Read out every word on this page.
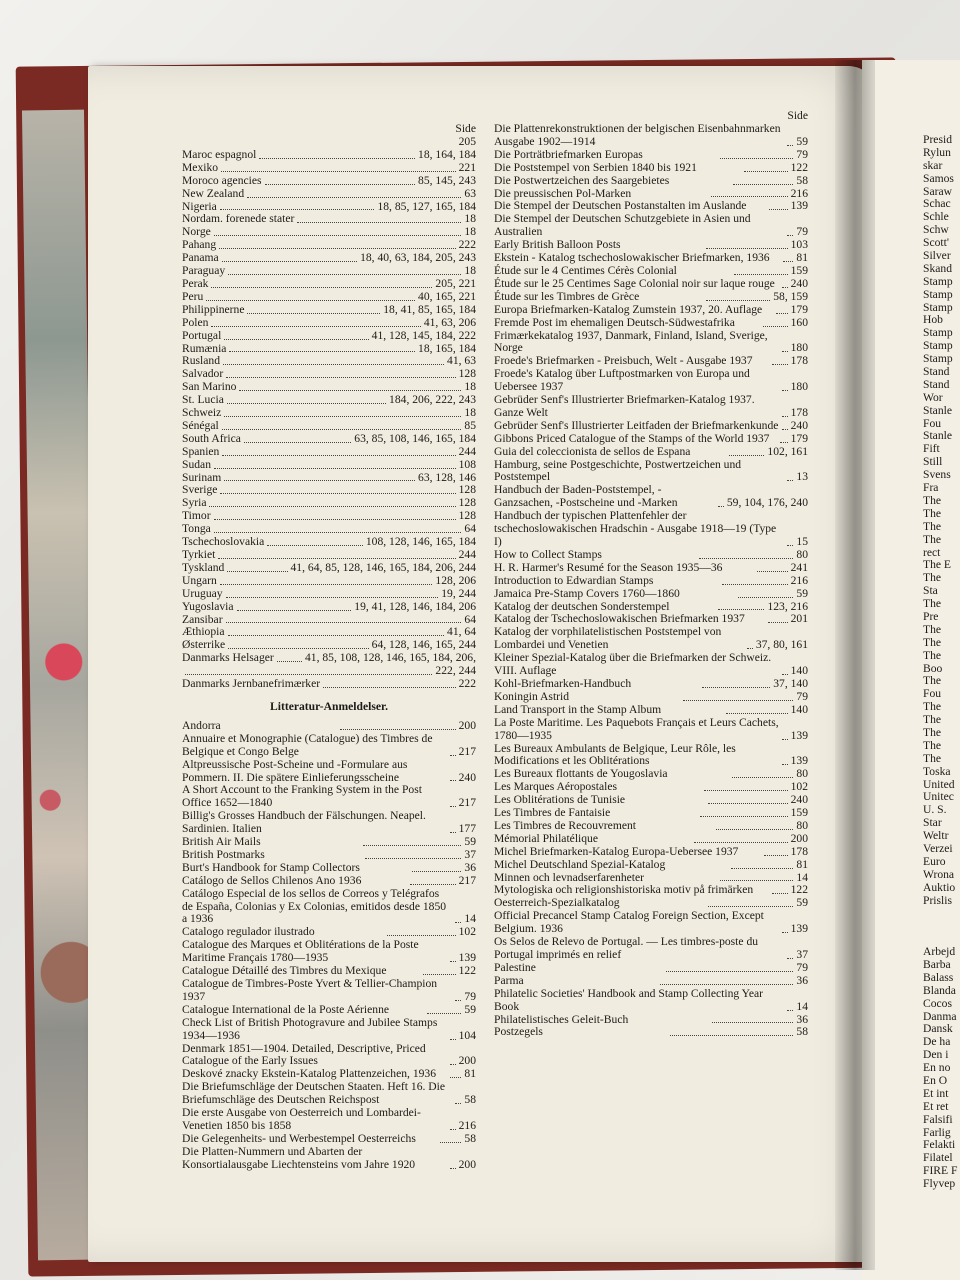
Side
205
Maroc espagnol	18, 164, 184
Mexiko	221
Moroco agencies	85, 145, 243
New Zealand	63
Nigeria	18, 85, 127, 165, 184
Nordam. forenede stater	18
Norge	18
Pahang	222
Panama	18, 40, 63, 184, 205, 243
Paraguay	18
Perak	205, 221
Peru	40, 165, 221
Philippinerne	18, 41, 85, 165, 184
Polen	41, 63, 206
Portugal	41, 128, 145, 184, 222
Rumænia	18, 165, 184
Rusland	41, 63
Salvador	128
San Marino	18
St. Lucia	184, 206, 222, 243
Schweiz	18
Sénégal	85
South Africa	63, 85, 108, 146, 165, 184
Spanien	244
Sudan	108
Surinam	63, 128, 146
Sverige	128
Syria	128
Timor	128
Tonga	64
Tschechoslovakia	108, 128, 146, 165, 184
Tyrkiet	244
Tyskland	41, 64, 85, 128, 146, 165, 184, 206, 244
Ungarn	128, 206
Uruguay	19, 244
Yugoslavia	19, 41, 128, 146, 184, 206
Zansibar	64
Æthiopia	41, 64
Østerrike	64, 128, 146, 165, 244
Danmarks Helsager	41, 85, 108, 128, 146, 165, 184, 206,
222, 244
Danmarks Jernbanefrimærker	222
Litteratur-Anmeldelser.
Andorra	200
Annuaire et Monographie (Catalogue) des Timbres de Belgique et Congo Belge	217
Altpreussische Post-Scheine und -Formulare aus Pommern. II. Die spätere Einlieferungsscheine	240
A Short Account to the Franking System in the Post Office 1652—1840	217
Billig's Grosses Handbuch der Fälschungen. Neapel. Sardinien. Italien	177
British Air Mails	59
British Postmarks	37
Burt's Handbook for Stamp Collectors	36
Catálogo de Sellos Chilenos Ano 1936	217
Catálogo Especial de los sellos de Correos y Telégrafos de España, Colonias y Ex Colonias, emitidos desde 1850 a 1936	14
Catalogo regulador ilustrado	102
Catalogue des Marques et Oblitérations de la Poste Maritime Français 1780—1935	139
Catalogue Détaillé des Timbres du Mexique	122
Catalogue de Timbres-Poste Yvert & Tellier-Champion 1937	79
Catalogue International de la Poste Aérienne	59
Check List of British Photogravure and Jubilee Stamps 1934—1936	104
Denmark 1851—1904. Detailed, Descriptive, Priced Catalogue of the Early Issues	200
Deskové znacky Ekstein-Katalog Plattenzeichen, 1936	81
Die Briefumschläge der Deutschen Staaten. Heft 16. Die Briefumschläge des Deutschen Reichspost	58
Die erste Ausgabe von Oesterreich und Lombardei-Venetien 1850 bis 1858	216
Die Gelegenheits- und Werbestempel Oesterreichs	58
Die Platten-Nummern und Abarten der Konsortialausgabe Liechtensteins vom Jahre 1920	200
Side
Die Plattenrekonstruktionen der belgischen Eisenbahnmarken Ausgabe 1902—1914	59
Die Porträtbriefmarken Europas	79
Die Poststempel von Serbien 1840 bis 1921	122
Die Postwertzeichen des Saargebietes	58
Die preussischen Pol-Marken	216
Die Stempel der Deutschen Postanstalten im Auslande	139
Die Stempel der Deutschen Schutzgebiete in Asien und Australien	79
Early British Balloon Posts	103
Ekstein - Katalog tschechoslowakischer Briefmarken, 1936	81
Étude sur le 4 Centimes Cérès Colonial	159
Étude sur le 25 Centimes Sage Colonial noir sur laque rouge	240
Étude sur les Timbres de Grèce	58, 159
Europa Briefmarken-Katalog Zumstein 1937, 20. Auflage	179
Fremde Post im ehemaligen Deutsch-Südwestafrika	160
Frimærkekatalog 1937, Danmark, Finland, Island, Sverige, Norge	180
Froede's Briefmarken - Preisbuch, Welt - Ausgabe 1937	178
Froede's Katalog über Luftpostmarken von Europa und Uebersee 1937	180
Gebrüder Senf's Illustrierter Briefmarken-Katalog 1937. Ganze Welt	178
Gebrüder Senf's Illustrierter Leitfaden der Briefmarkenkunde 240
Gibbons Priced Catalogue of the Stamps of the World 1937	179
Guia del coleccionista de sellos de Espana	102, 161
Hamburg, seine Postgeschichte, Postwertzeichen und Poststempel	13
Handbuch der Baden-Poststempel, -Ganzsachen, -Postscheine und -Marken	59, 104, 176, 240
Handbuch der typischen Plattenfehler der tschechoslowakischen Hradschin - Ausgabe 1918—19 (Type I)	15
How to Collect Stamps	80
H. R. Harmer's Resumé for the Season 1935—36	241
Introduction to Edwardian Stamps	216
Jamaica Pre-Stamp Covers 1760—1860	59
Katalog der deutschen Sonderstempel	123, 216
Katalog der Tschechoslowakischen Briefmarken 1937	201
Katalog der vorphilatelistischen Poststempel von Lombardei und Venetien	37, 80, 161
Kleiner Spezial-Katalog über die Briefmarken der Schweiz. VIII. Auflage	140
Kohl-Briefmarken-Handbuch	37, 140
Koningin Astrid	79
Land Transport in the Stamp Album	140
La Poste Maritime. Les Paquebots Français et Leurs Cachets, 1780—1935	139
Les Bureaux Ambulants de Belgique, Leur Rôle, les Modifications et les Oblitérations	139
Les Bureaux flottants de Yougoslavia	80
Les Marques Aéropostales	102
Les Oblitérations de Tunisie	240
Les Timbres de Fantaisie	159
Les Timbres de Recouvrement	80
Mémorial Philatélique	200
Michel Briefmarken-Katalog Europa-Uebersee 1937	178
Michel Deutschland Spezial-Katalog	81
Minnen och levnadserfarenheter	14
Mytologiska och religionshistoriska motiv på frimärken	122
Oesterreich-Spezialkatalog	59
Official Precancel Stamp Catalog Foreign Section, Except Belgium. 1936	139
Os Selos de Relevo de Portugal. — Les timbres-poste du Portugal imprimés en relief	37
Palestine	79
Parma	36
Philatelic Societies' Handbook and Stamp Collecting Year Book	14
Philatelistisches Geleit-Buch	36
Postzegels	58
Presid
Rylun
skar
Samos
Saraw
Schac
Schle
Schw
Scott'
Silver
Skand
Stamp
Stamp
Stamp
Hob
Stamp
Stamp
Stamp
Stand
Stand
Wor
Stanle
Fou
Stanle
Fift
Still
Svens
Fra
The
The
The
The
rect
The E
The
Sta
The
Pre
The
The
The
Boo
The
Fou
The
The
The
The
The
Toska
United
Unitec
U. S.
Star
Weltr
Verzei
Euro
Wrona
Auktio
Prislis
Arbejd
Barba
Balass
Blanda
Cocos
Danma
Dansk
De ha
Den i
En no
En O
Et int
Et ret
Falsifi
Farlig
Felakti
Filatel
FIRE F
Flyvep
